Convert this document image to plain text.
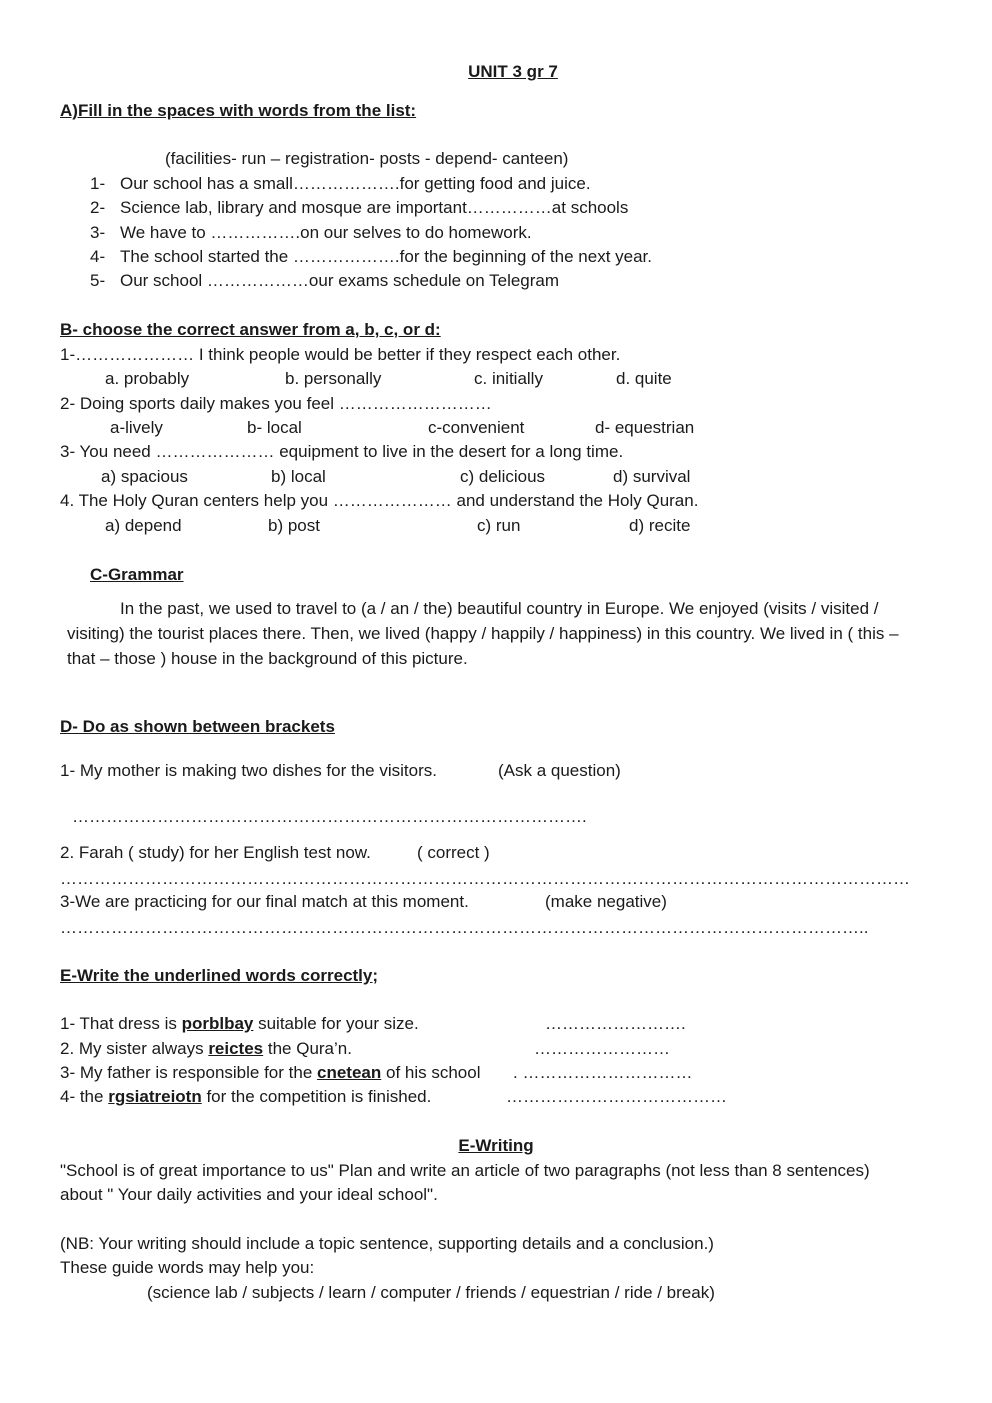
UNIT 3 gr 7
A)Fill in the spaces with words from the list:
(facilities- run – registration- posts - depend- canteen)
1- Our school has a small……………….for getting food and juice.
2- Science lab, library and mosque are important……………at schools
3- We have to …………….on our selves to do homework.
4- The school started the ……………….for the beginning of the next year.
5- Our school ………………our exams schedule on Telegram
B- choose the correct answer from a, b, c, or d:
1-………………… I think people would be better if they respect each other.
a. probably	b. personally	c. initially	d. quite
2- Doing sports daily makes you feel ………………………
a-lively	b- local	c-convenient	d- equestrian
3- You need ………………… equipment to live in the desert for a long time.
a) spacious	b) local	c) delicious	d) survival
4. The Holy Quran centers help you ………………… and understand the Holy Quran.
a) depend	b) post	c) run	d) recite
C-Grammar
In the past, we used to travel to (a / an / the) beautiful country in Europe. We enjoyed (visits / visited / visiting) the tourist places there. Then, we lived (happy / happily / happiness) in this country. We lived in ( this – that – those ) house in the background of this picture.
D- Do as shown between brackets
1- My mother is making two dishes for the visitors.	(Ask a question)
……………………………………………………………………………….
2. Farah ( study) for her English test now.	( correct )
……………………………………………………………………………………………………………………………………
3-We are practicing for our final match at this moment.	(make negative)
……………………………………………………………………………………………………………………………..
E-Write the underlined words correctly;
1- That dress is porblbay suitable for your size.	…………………….
2. My sister always reictes the Qura’n.	……………………
3- My father is responsible for the cnetean of his school . …………………………
4- the rgsiatreiotn for the competition is finished.	…………………………………
E-Writing
"School is of great importance to us" Plan and write an article of two paragraphs (not less than 8 sentences)
about " Your daily activities and your ideal school".
(NB: Your writing should include a topic sentence, supporting details and a conclusion.)
These guide words may help you:
(science lab / subjects / learn / computer / friends / equestrian / ride / break)
